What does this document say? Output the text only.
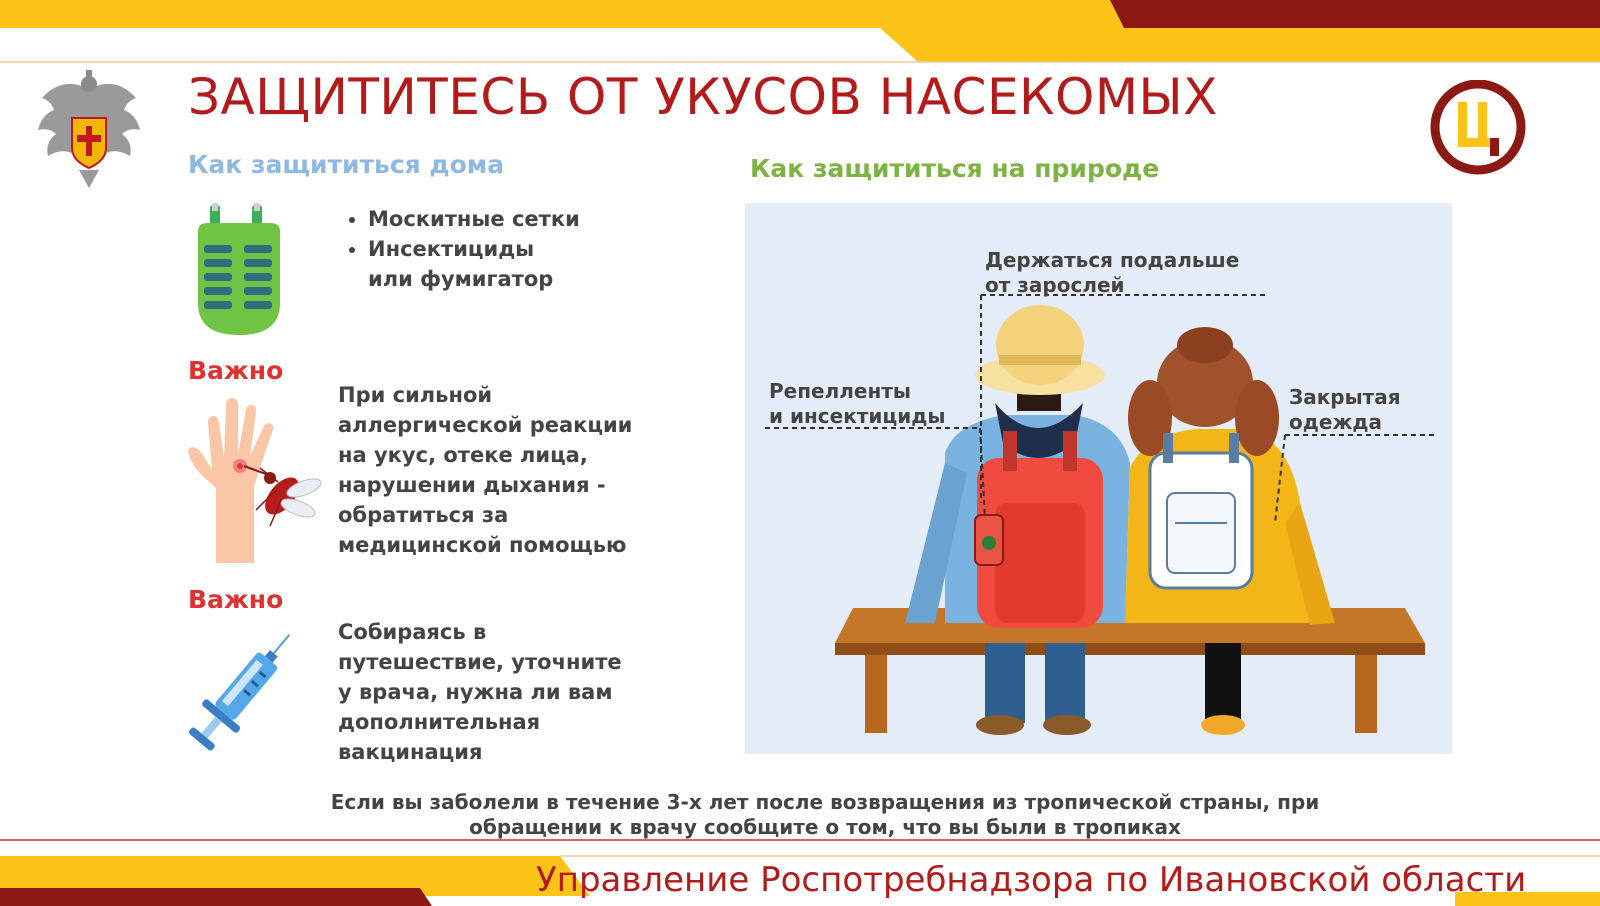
ЗАЩИТИТЕСЬ ОТ УКУСОВ НАСЕКОМЫХ
Как защититься дома
• Москитные сетки
• Инсектициды
или фумигатор
Важно
При сильной
аллергической реакции
на укус, отеке лица,
нарушении дыхания -
обратиться за
медицинской помощью
Важно
Собираясь в
путешествие, уточните
у врача, нужна ли вам
дополнительная
вакцинация
Как защититься на природе
Держаться подальше
от зарослей
Репелленты
и инсектициды
Закрытая
одежда
Если вы заболели в течение 3-х лет после возвращения из тропической страны, при
обращении к врачу сообщите о том, что вы были в тропиках
Управление Роспотребнадзора по Ивановской области
